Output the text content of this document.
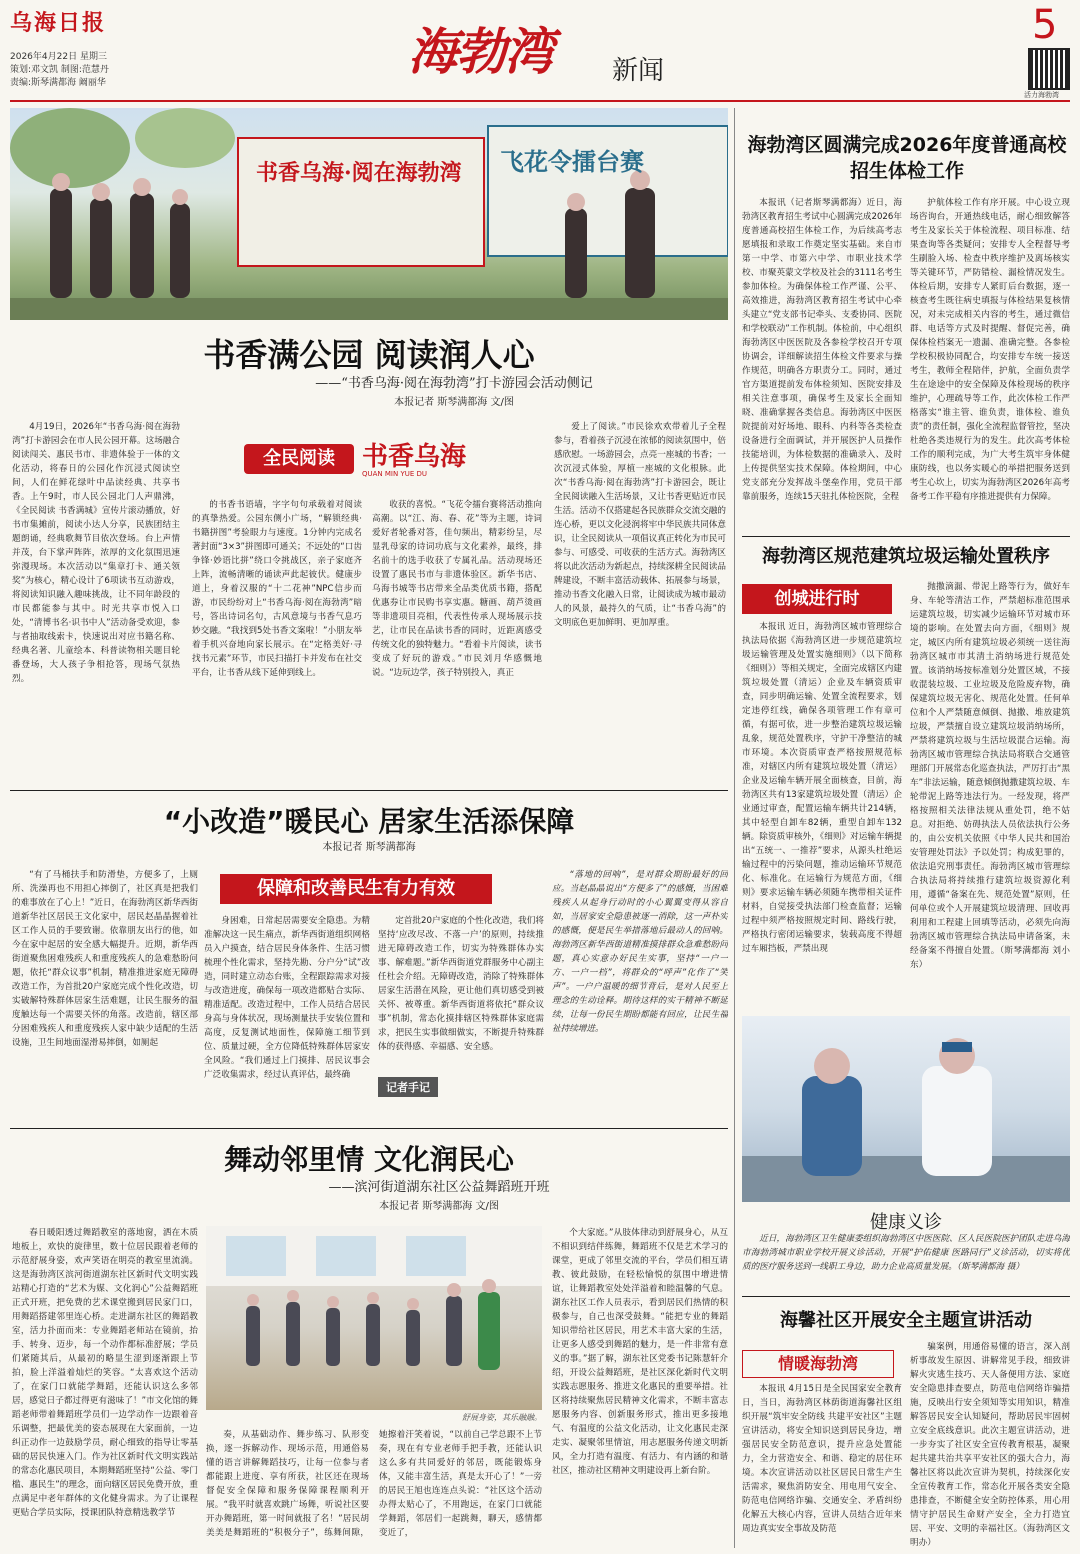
乌海日报
2026年4月22日 星期三
策划:邓文凯 制图:范慧丹
责编:斯琴满都海 阚丽华
海勃湾 新闻
5
活力海勃湾
书香乌海·阅在海勃湾 飞花令擂台赛
书香满公园 阅读润人心
——“书香乌海·阅在海勃湾”打卡游园会活动侧记
本报记者 斯琴满都海 文/图
全民阅读	书香乌海
QUAN MIN YUE DU

4月19日，2026年“书香乌海·阅在海勃湾”打卡游园会在市人民公园开幕。这场融合阅读闯关、惠民书市、非遗体验于一体的文化活动，将春日的公园化作沉浸式阅读空间，人们在鲜花绿叶中品读经典、共享书香。上午9时，市人民公园北门人声鼎沸，《全民阅读 书香满城》宣传片滚动播放，好书市集摊前，阅读小达人分享，民族团结主题朗诵，经典歌舞节目依次登场。台上声情并茂，台下掌声阵阵，浓厚的文化氛围迅速弥漫现场。本次活动以“集章打卡、通关领奖”为核心，精心设计了6项读书互动游戏，将阅读知识融入趣味挑战，让不同年龄段的市民都能参与其中。时光共享市悦入口处，“清博书名·识书中人”活动备受欢迎，参与者抽取线索卡，快速说出对应书籍名称、经典名著、儿童绘本、科普读物相关题目轮番登场，大人孩子争相抢答，现场气氛热烈。

的书香书语墙，字字句句承载着对阅读的真挚热爱。公园东侧小广场，“解锁经典·书籍拼图”考验眼力与速度。1分钟内完成名著封面“3×3”拼图即可通关；不远处的“口齿争锋·妙语比拼”绕口令挑战区，亲子家庭齐上阵，流畅清晰的诵读声此起彼伏。健康步道上，身着汉服的“十二花神”NPC信步而游，市民纷纷对上“书香乌海·阅在海勃湾”暗号，答出诗词名句，古风意境与书香气息巧妙交融。“我找到5处书香文案啦！”小朋友举着手机兴奋地向家长展示。在“定格美好·寻找书元素”环节，市民扫描打卡并发布在社交平台，让书香从线下延伸到线上。

收获的喜悦。“飞花令擂台赛将活动推向高潮。以“江、海、春、花”等为主题，诗词爱好者轮番对答，佳句频出，精彩纷呈，尽显乳母家的诗词功底与文化素养，最终，排名前十的选手收获了专属礼品。活动现场还设置了惠民书市与非遗体验区。新华书店、乌海书城等书店带来全品类优质书籍，搭配优惠券让市民购书享实惠。糖画、葫芦烫画等非遗项目亮相，代表性传承人现场展示技艺，让市民在品读书香的同时，近距离感受传统文化的独特魅力。“看着卡片阅读，读书变成了好玩的游戏。”市民刘月华感慨地说。“边玩边学，孩子特别投入，真正

爱上了阅读。”市民徐欢欢带着儿子全程参与，看着孩子沉浸在浓郁的阅读氛围中，倍感欣慰。一场游园会，点亮一座城的书香；一次沉浸式体验，厚植一座城的文化根脉。此次“书香乌海·阅在海勃湾”打卡游园会，既让全民阅读融入生活场景，又让书香更贴近市民生活。活动不仅搭建起各民族群众交流交融的连心桥，更以文化浸润将牢中华民族共同体意识，让全民阅读从一项倡议真正转化为市民可参与、可感受、可收获的生活方式。海勃湾区将以此次活动为新起点，持续深耕全民阅读品牌建设，不断丰富活动载体、拓展参与场景，推动书香文化融入日常，让阅读成为城市最动人的风景，最持久的气质，让“书香乌海”的文明底色更加鲜明、更加厚重。

“小改造”暖民心 居家生活添保障
本报记者 斯琴满都海
保障和改善民生有力有效

“有了马桶扶手和防滑垫，方便多了，上厕所、洗澡再也不用担心摔倒了，社区真是把我们的难事放在了心上！”近日，在海勃湾区新华西街道新华社区居民王文化家中，居民赵晶晶握着社区工作人员的手要致谢。依靠朋友出行的他，如今在家中起居的安全感大幅提升。近期，新华西街道聚焦困难残疾人和重度残疾人的急难愁盼问题，依托“群众议事”机制，精准推进家庭无障碍改造工作，为首批20户家庭完成个性化改造，切实破解特殊群体居家生活难题，让民生服务的温度触达每一个需要关怀的角落。改造前，辖区部分困难残疾人和重度残疾人家中缺少适配的生活设施，卫生间地面湿滑易摔倒，如厕起

身困难，日常起居需要安全隐患。为精准解决这一民生痛点，新华西街道组织网格员入户摸查，结合居民身体条件、生活习惯梳理个性化需求，坚持先勘、分户分“试”改造，同时建立动态台账，全程跟踪需求对接与改造进度，确保每一项改造都贴合实际、精准适配。改造过程中，工作人员结合居民身高与身体状况，现场测量扶手安装位置和高度，反复测试地面性，保障施工细节到位、质量过硬，全方位降低特殊群体居家安全风险。“我们通过上门摸排、居民议事会广泛收集需求，经过认真评估，最终确

定首批20户家庭的个性化改造，我们将坚持‘应改尽改、不落一户’的原则，持续推进无障碍改造工作，切实为特殊群体办实事、解难题。”新华西街道党群服务中心副主任杜会介绍。无障碍改造，消除了特殊群体居家生活潜在风险，更让他们真切感受到被关怀、被尊重。新华西街道将依托“群众议事”机制，常态化摸排辖区特殊群体家庭需求，把民生实事做细做实，不断提升特殊群体的获得感、幸福感、安全感。

记者手记

“落地的回响”，是对群众期盼最好的回应。当赵晶晶说出“方便多了”的感慨，当困难残疾人从起身行动时的小心翼翼变得从容自如，当居家安全隐患被逐一消除，这一声朴实的感慨，便是民生举措落地后最动人的回响。海勃湾区新华西街道精准摸排群众急难愁盼问题，真心实意办好民生实事，坚持“一户一方、一户一档”，将群众的“呼声”化作了“笑声”。一户户温暖的细节背后，是对人民至上理念的生动诠释。期待这样的实干精神不断延续，让每一份民生期盼都能有回应，让民生福祉持续增进。

舞动邻里情 文化润民心
——滨河街道湖东社区公益舞蹈班开班
本报记者 斯琴满都海 文/图
舒展身姿，其乐融融。

春日暖阳透过舞蹈教室的落地窗，洒在木质地板上，欢快的旋律里，数十位居民跟着老师的示范舒展身姿，欢声笑语在明亮的教室里流淌。这是海勃湾区滨河街道湖东社区新时代文明实践站精心打造的“艺术为媒、文化润心”公益舞蹈班正式开班，把免费的艺术课堂搬到居民家门口，用舞蹈搭建邻里连心桥。走进湖东社区的舞蹈教室，活力扑面而来：专业舞蹈老师站在镜前，抬手、转身、迈步，每一个动作都标准舒展；学员们紧随其后，从最初的略显生涩到逐渐跟上节拍，脸上洋溢着灿烂的笑容。“太喜欢这个活动了，在家门口就能学舞蹈，还能认识这么多邻居，感觉日子都过得更有滋味了！”市文化馆的舞蹈老师带着舞蹈班学员们一边学动作一边跟着音乐调整，把最优美的姿态展现在大家面前，一边纠正动作一边鼓励学员，耐心细致的指导让零基础的居民快速入门。作为社区新时代文明实践站的常态化惠民项目，本期舞蹈班坚持“公益、零门槛、惠民生”的理念，面向辖区居民免费开放，重点满足中老年群体的文化健身需求。为了让课程更贴合学员实际，授课团队特意精选教学节

奏，从基础动作、舞步练习、队形变换，逐一拆解动作、现场示范，用通俗易懂的语言讲解舞蹈技巧，让每一位参与者都能跟上进度、享有所获，社区还在现场督促安全保障和服务保障课程顺利开展。“我平时就喜欢跳广场舞，听说社区要开办舞蹈班，第一时间就报了名！”居民胡美美是舞蹈班的“积极分子”，练舞间隙，她擦着汗笑着说，“以前自己学总跟不上节奏，现在有专业老师手把手教，还能认识这么多有共同爱好的邻居，既能锻炼身体，又能丰富生活，真是太开心了！”一旁的居民王旭也连连点头说：“社区这个活动办得太贴心了，不用跑远，在家门口就能学舞蹈，邻居们一起跳舞，聊天，感情都变近了，

个大家庭。”从肢体律动到舒展身心，从互不相识到结伴练舞，舞蹈班不仅是艺术学习的课堂，更成了邻里交流的平台，学员们相互请教、彼此鼓励，在轻松愉悦的氛围中增进情谊，让舞蹈教室处处洋溢着和睦温馨的气息。湖东社区工作人员表示，看到居民们热情的积极参与，自己也深受鼓舞。“能把专业的舞蹈知识带给社区居民，用艺术丰富大家的生活，让更多人感受到舞蹈的魅力，是一件非常有意义的事。”据了解，湖东社区党委书记陈慧轩介绍，开设公益舞蹈班，是社区深化新时代文明实践志愿服务、推进文化惠民的重要举措。社区将持续聚焦居民精神文化需求，不断丰富志愿服务内容、创新服务形式，推出更多接地气、有温度的公益文化活动，让文化惠民走深走实、凝聚邻里情谊，用志愿服务传递文明新风，全力打造有温度、有活力、有内涵的和谐社区，推动社区精神文明建设再上新台阶。

海勃湾区圆满完成2026年度普通高校招生体检工作

本报讯（记者斯琴满都海）近日，海勃湾区教育招生考试中心圆满完成2026年度普通高校招生体检工作，为后续高考志愿填报和录取工作奠定坚实基础。来自市第一中学、市第六中学、市职业技术学校、市聚英蒙文学校及社会的3111名考生参加体检。为确保体检工作严谨、公平、高效推进，海勃湾区教育招生考试中心牵头建立“党支部书记牵头、支委协同、医院和学校联动”工作机制。体检前，中心组织海勃湾区中医医院及各参检学校召开专项协调会，详细解读招生体检文件要求与操作规范，明确各方职责分工。同时，通过官方渠道提前发布体检须知、医院安排及相关注意事项，确保考生及家长全面知晓、准确掌握各类信息。海勃湾区中医医院提前对好场地、眼科、内科等各类检查设备进行全面调试，并开展医护人员操作技能培训，为体检数据的准确录入、及时上传提供坚实技术保障。体检期间，中心党支部充分发挥战斗堡垒作用，党员干部靠前服务，连续15天驻扎体检医院，全程

护航体检工作有序开展。中心设立现场咨询台，开通热线电话，耐心细致解答考生及家长关于体检流程、项目标准、结果查询等各类疑问；安排专人全程督导考生刷脸入场、检查中秩序维护及离场核实等关键环节，严防错检、漏检情况发生。体检后期，安排专人紧盯后台数据，逐一核查考生既往病史填报与体检结果复核情况，对未完成相关内容的考生，通过微信群、电话等方式及时提醒、督促完善，确保体检档案无一遗漏、准确完整。各参检学校积极协同配合，均安排专车统一接送考生，教师全程陪伴，护航，全面负责学生在途途中的安全保障及体检现场的秩序维护，心理疏导等工作，此次体检工作严格落实“谁主管、谁负责，谁体检、谁负责”的责任制，强化全流程监督管控，坚决杜绝各类违规行为的发生。此次高考体检工作的顺利完成，为广大考生筑牢身体健康防线，也以务实暖心的举措把服务送到考生心坎上，切实为海勃湾区2026年高考备考工作平稳有序推进提供有力保障。

海勃湾区规范建筑垃圾运输处置秩序
创城进行时

本报讯 近日，海勃湾区城市管理综合执法局依据《海勃湾区进一步规范建筑垃圾运输管理及处置实施细则》（以下简称《细则》）等相关规定，全面完成辖区内建筑垃圾处置（清运）企业及车辆资质审查，同步明确运输、处置全流程要求，划定违停红线，确保各项管理工作有章可循，有据可依，进一步整治建筑垃圾运输乱象，规范处置秩序，守护干净整洁的城市环境。本次资质审查严格按照规范标准，对辖区内所有建筑垃圾处置（清运）企业及运输车辆开展全面核查，目前，海勃湾区共有13家建筑垃圾处置（清运）企业通过审查，配置运输车辆共计214辆，其中轻型自卸车82辆，重型自卸车132辆。除资质审核外，《细则》对运输车辆提出“五统一、一推荐”要求，从源头杜绝运输过程中的污染问题，推动运输环节规范化、标准化。在运输行为规范方面，《细则》要求运输车辆必须随车携带相关证件材料，自觉接受执法部门检查监督；运输过程中须严格按照规定时间、路线行驶，严格执行密闭运输要求，装载高度不得超过车厢挡板，严禁出现

抛撒滴漏、带泥上路等行为，做好车身、车轮等清洁工作，严禁超标准范围承运建筑垃圾，切实减少运输环节对城市环境的影响。在处置去向方面，《细则》规定，城区内所有建筑垃圾必须统一送往海勃湾区城市市其清土消纳场进行规范处置。该消纳场按标准划分处置区域，不接收混装垃圾、工业垃圾及危险废弃物，确保建筑垃圾无害化、规范化处置。任何单位和个人严禁随意倾倒、抛撒、堆放建筑垃圾，严禁擅自设立建筑垃圾消纳场所，严禁将建筑垃圾与生活垃圾混合运输。海勃湾区城市管理综合执法局将联合交通管理部门开展常态化巡查执法，严厉打击“黑车”非法运输，随意倾倒抛撒建筑垃圾、车轮带泥上路等违法行为。一经发现，将严格按照相关法律法规从重处罚，绝不姑息。对拒绝、妨碍执法人员依法执行公务的，由公安机关依照《中华人民共和国治安管理处罚法》予以处罚；构成犯罪的，依法追究刑事责任。海勃湾区城市管理综合执法局将持续推行建筑垃圾资源化利用，遵循“备案在先、规范处置”原则，任何单位或个人开展建筑垃圾清理、回收再利用和工程建上回填等活动，必须先向海勃湾区城市管理综合执法局申请备案，未经备案不得擅自处置。（斯琴满都海 刘小东）

健康义诊

近日，海勃湾区卫生健康委组织海勃湾区中医医院、区人民医院医护团队走进乌海市海勃湾城市职业学校开展义诊活动，开展“护佑健康 医路同行”义诊活动，切实将优质的医疗服务送到一线职工身边，助力企业高质量发展。（斯琴满都海 摄）

海馨社区开展安全主题宣讲活动
情暖海勃湾

本报讯 4月15日是全民国家安全教育日，当日，海勃湾区林荫街道海馨社区组织开展“筑牢安全防线 共建平安社区”主题宣讲活动，将安全知识送到居民身边，增强居民安全防范意识，提升应急处置能力，全力营造安全、和谐、稳定的居住环境。本次宣讲活动以社区居民日常生产生活需求，聚焦消防安全、用电用气安全、防范电信网络诈骗、交通安全、矛盾纠纷化解五大核心内容，宣讲人员结合近年来周边真实安全事故及防范

骗案例，用通俗易懂的语言，深入剖析事故发生原因、讲解常见手段，细致讲解火灾逃生技巧、天人备便用方法、家庭安全隐患排查要点，防范电信网络诈骗措施，反映出行安全须知等实用知识，精准解答居民安全认知疑问，帮助居民牢固树立安全底线意识。此次主题宣讲活动，进一步夯实了社区安全宣传教育根基，凝聚起共建共治共享平安社区的强大合力，海馨社区将以此次宣讲为契机，持续深化安全宣传教育工作，常态化开展各类安全隐患排查，不断健全安全防控体系，用心用情守护居民生命财产安全，全力打造宜居、平安、文明的幸福社区。（海勃湾区文明办）
